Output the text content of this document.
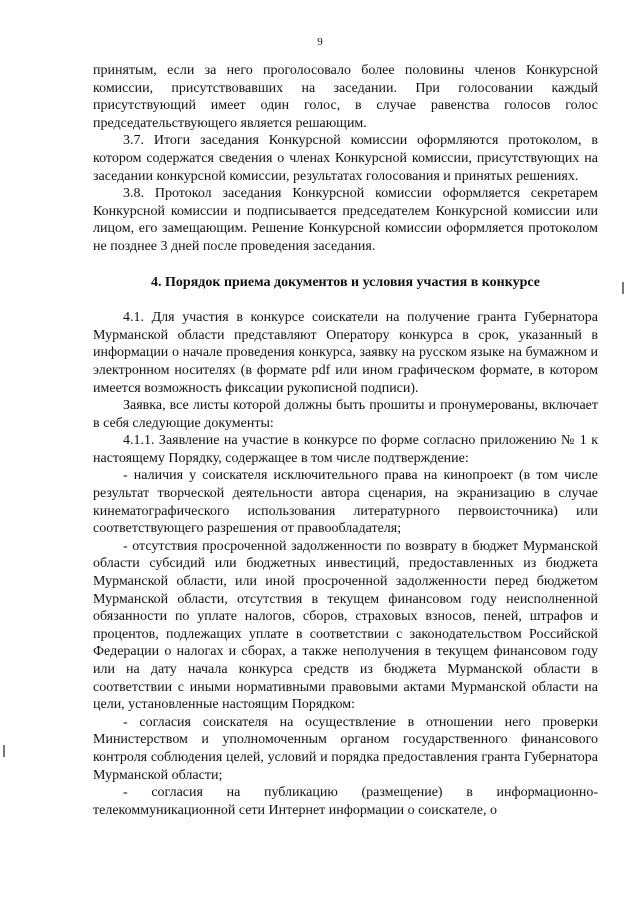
9

принятым, если за него проголосовало более половины членов Конкурсной комиссии, присутствовавших на заседании. При голосовании каждый присутствующий имеет один голос, в случае равенства голосов голос председательствующего является решающим.

3.7. Итоги заседания Конкурсной комиссии оформляются протоколом, в котором содержатся сведения о членах Конкурсной комиссии, присутствующих на заседании конкурсной комиссии, результатах голосования и принятых решениях.

3.8. Протокол заседания Конкурсной комиссии оформляется секретарем Конкурсной комиссии и подписывается председателем Конкурсной комиссии или лицом, его замещающим. Решение Конкурсной комиссии оформляется протоколом не позднее 3 дней после проведения заседания.

4. Порядок приема документов и условия участия в конкурсе

4.1. Для участия в конкурсе соискатели на получение гранта Губернатора Мурманской области представляют Оператору конкурса в срок, указанный в информации о начале проведения конкурса, заявку на русском языке на бумажном и электронном носителях (в формате pdf или ином графическом формате, в котором имеется возможность фиксации рукописной подписи).

Заявка, все листы которой должны быть прошиты и пронумерованы, включает в себя следующие документы:

4.1.1. Заявление на участие в конкурсе по форме согласно приложению № 1 к настоящему Порядку, содержащее в том числе подтверждение:

- наличия у соискателя исключительного права на кинопроект (в том числе результат творческой деятельности автора сценария, на экранизацию в случае кинематографического использования литературного первоисточника) или соответствующего разрешения от правообладателя;

- отсутствия просроченной задолженности по возврату в бюджет Мурманской области субсидий или бюджетных инвестиций, предоставленных из бюджета Мурманской области, или иной просроченной задолженности перед бюджетом Мурманской области, отсутствия в текущем финансовом году неисполненной обязанности по уплате налогов, сборов, страховых взносов, пеней, штрафов и процентов, подлежащих уплате в соответствии с законодательством Российской Федерации о налогах и сборах, а также неполучения в текущем финансовом году или на дату начала конкурса средств из бюджета Мурманской области в соответствии с иными нормативными правовыми актами Мурманской области на цели, установленные настоящим Порядком:

- согласия соискателя на осуществление в отношении него проверки Министерством и уполномоченным органом государственного финансового контроля соблюдения целей, условий и порядка предоставления гранта Губернатора Мурманской области;

- согласия на публикацию (размещение) в информационно-телекоммуникационной сети Интернет информации о соискателе, о
